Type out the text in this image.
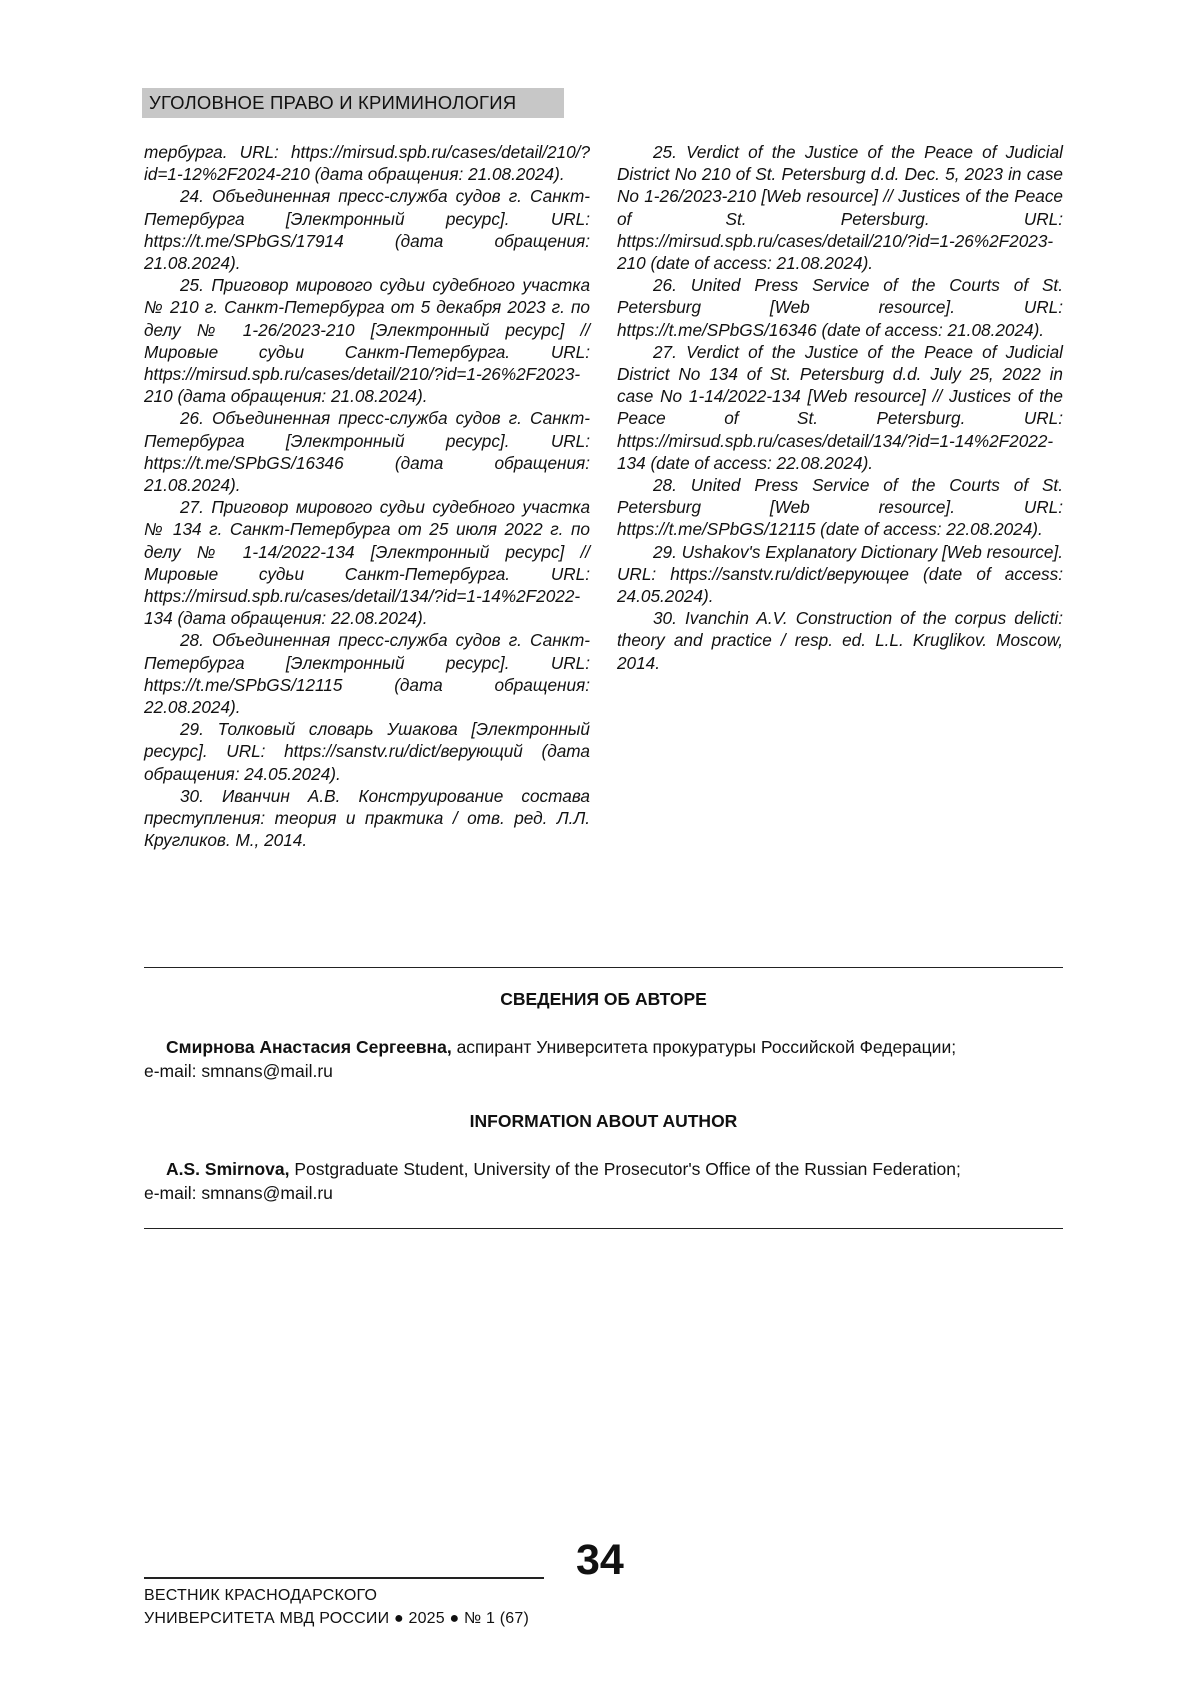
УГОЛОВНОЕ ПРАВО И КРИМИНОЛОГИЯ

тербурга. URL: https://mirsud.spb.ru/cases/detail/210/?id=1-12%2F2024-210 (дата обращения: 21.08.2024).

24. Объединенная пресс-служба судов г. Санкт-Петербурга [Электронный ресурс]. URL: https://t.me/SPbGS/17914 (дата обращения: 21.08.2024).

25. Приговор мирового судьи судебного участка № 210 г. Санкт-Петербурга от 5 декабря 2023 г. по делу № 1-26/2023-210 [Электронный ресурс] // Мировые судьи Санкт-Петербурга. URL: https://mirsud.spb.ru/cases/detail/210/?id=1-26%2F2023-210 (дата обращения: 21.08.2024).

26. Объединенная пресс-служба судов г. Санкт-Петербурга [Электронный ресурс]. URL: https://t.me/SPbGS/16346 (дата обращения: 21.08.2024).

27. Приговор мирового судьи судебного участка № 134 г. Санкт-Петербурга от 25 июля 2022 г. по делу № 1-14/2022-134 [Электронный ресурс] // Мировые судьи Санкт-Петербурга. URL: https://mirsud.spb.ru/cases/detail/134/?id=1-14%2F2022-134 (дата обращения: 22.08.2024).

28. Объединенная пресс-служба судов г. Санкт-Петербурга [Электронный ресурс]. URL: https://t.me/SPbGS/12115 (дата обращения: 22.08.2024).

29. Толковый словарь Ушакова [Электронный ресурс]. URL: https://sanstv.ru/dict/верующий (дата обращения: 24.05.2024).

30. Иванчин А.В. Конструирование состава преступления: теория и практика / отв. ред. Л.Л. Кругликов. М., 2014.

25. Verdict of the Justice of the Peace of Judicial District No 210 of St. Petersburg d.d. Dec. 5, 2023 in case No 1-26/2023-210 [Web resource] // Justices of the Peace of St. Petersburg. URL: https://mirsud.spb.ru/cases/detail/210/?id=1-26%2F2023-210 (date of access: 21.08.2024).

26. United Press Service of the Courts of St. Petersburg [Web resource]. URL: https://t.me/SPbGS/16346 (date of access: 21.08.2024).

27. Verdict of the Justice of the Peace of Judicial District No 134 of St. Petersburg d.d. July 25, 2022 in case No 1-14/2022-134 [Web resource] // Justices of the Peace of St. Petersburg. URL: https://mirsud.spb.ru/cases/detail/134/?id=1-14%2F2022-134 (date of access: 22.08.2024).

28. United Press Service of the Courts of St. Petersburg [Web resource]. URL: https://t.me/SPbGS/12115 (date of access: 22.08.2024).

29. Ushakov's Explanatory Dictionary [Web resource]. URL: https://sanstv.ru/dict/верующее (date of access: 24.05.2024).

30. Ivanchin A.V. Construction of the corpus delicti: theory and practice / resp. ed. L.L. Kruglikov. Moscow, 2014.

СВЕДЕНИЯ ОБ АВТОРЕ
Смирнова Анастасия Сергеевна, аспирант Университета прокуратуры Российской Федерации;
e-mail: smnans@mail.ru
INFORMATION ABOUT AUTHOR
A.S. Smirnova, Postgraduate Student, University of the Prosecutor's Office of the Russian Federation;
e-mail: smnans@mail.ru
34
ВЕСТНИК КРАСНОДАРСКОГО
УНИВЕРСИТЕТА МВД РОССИИ ● 2025 ● № 1 (67)
